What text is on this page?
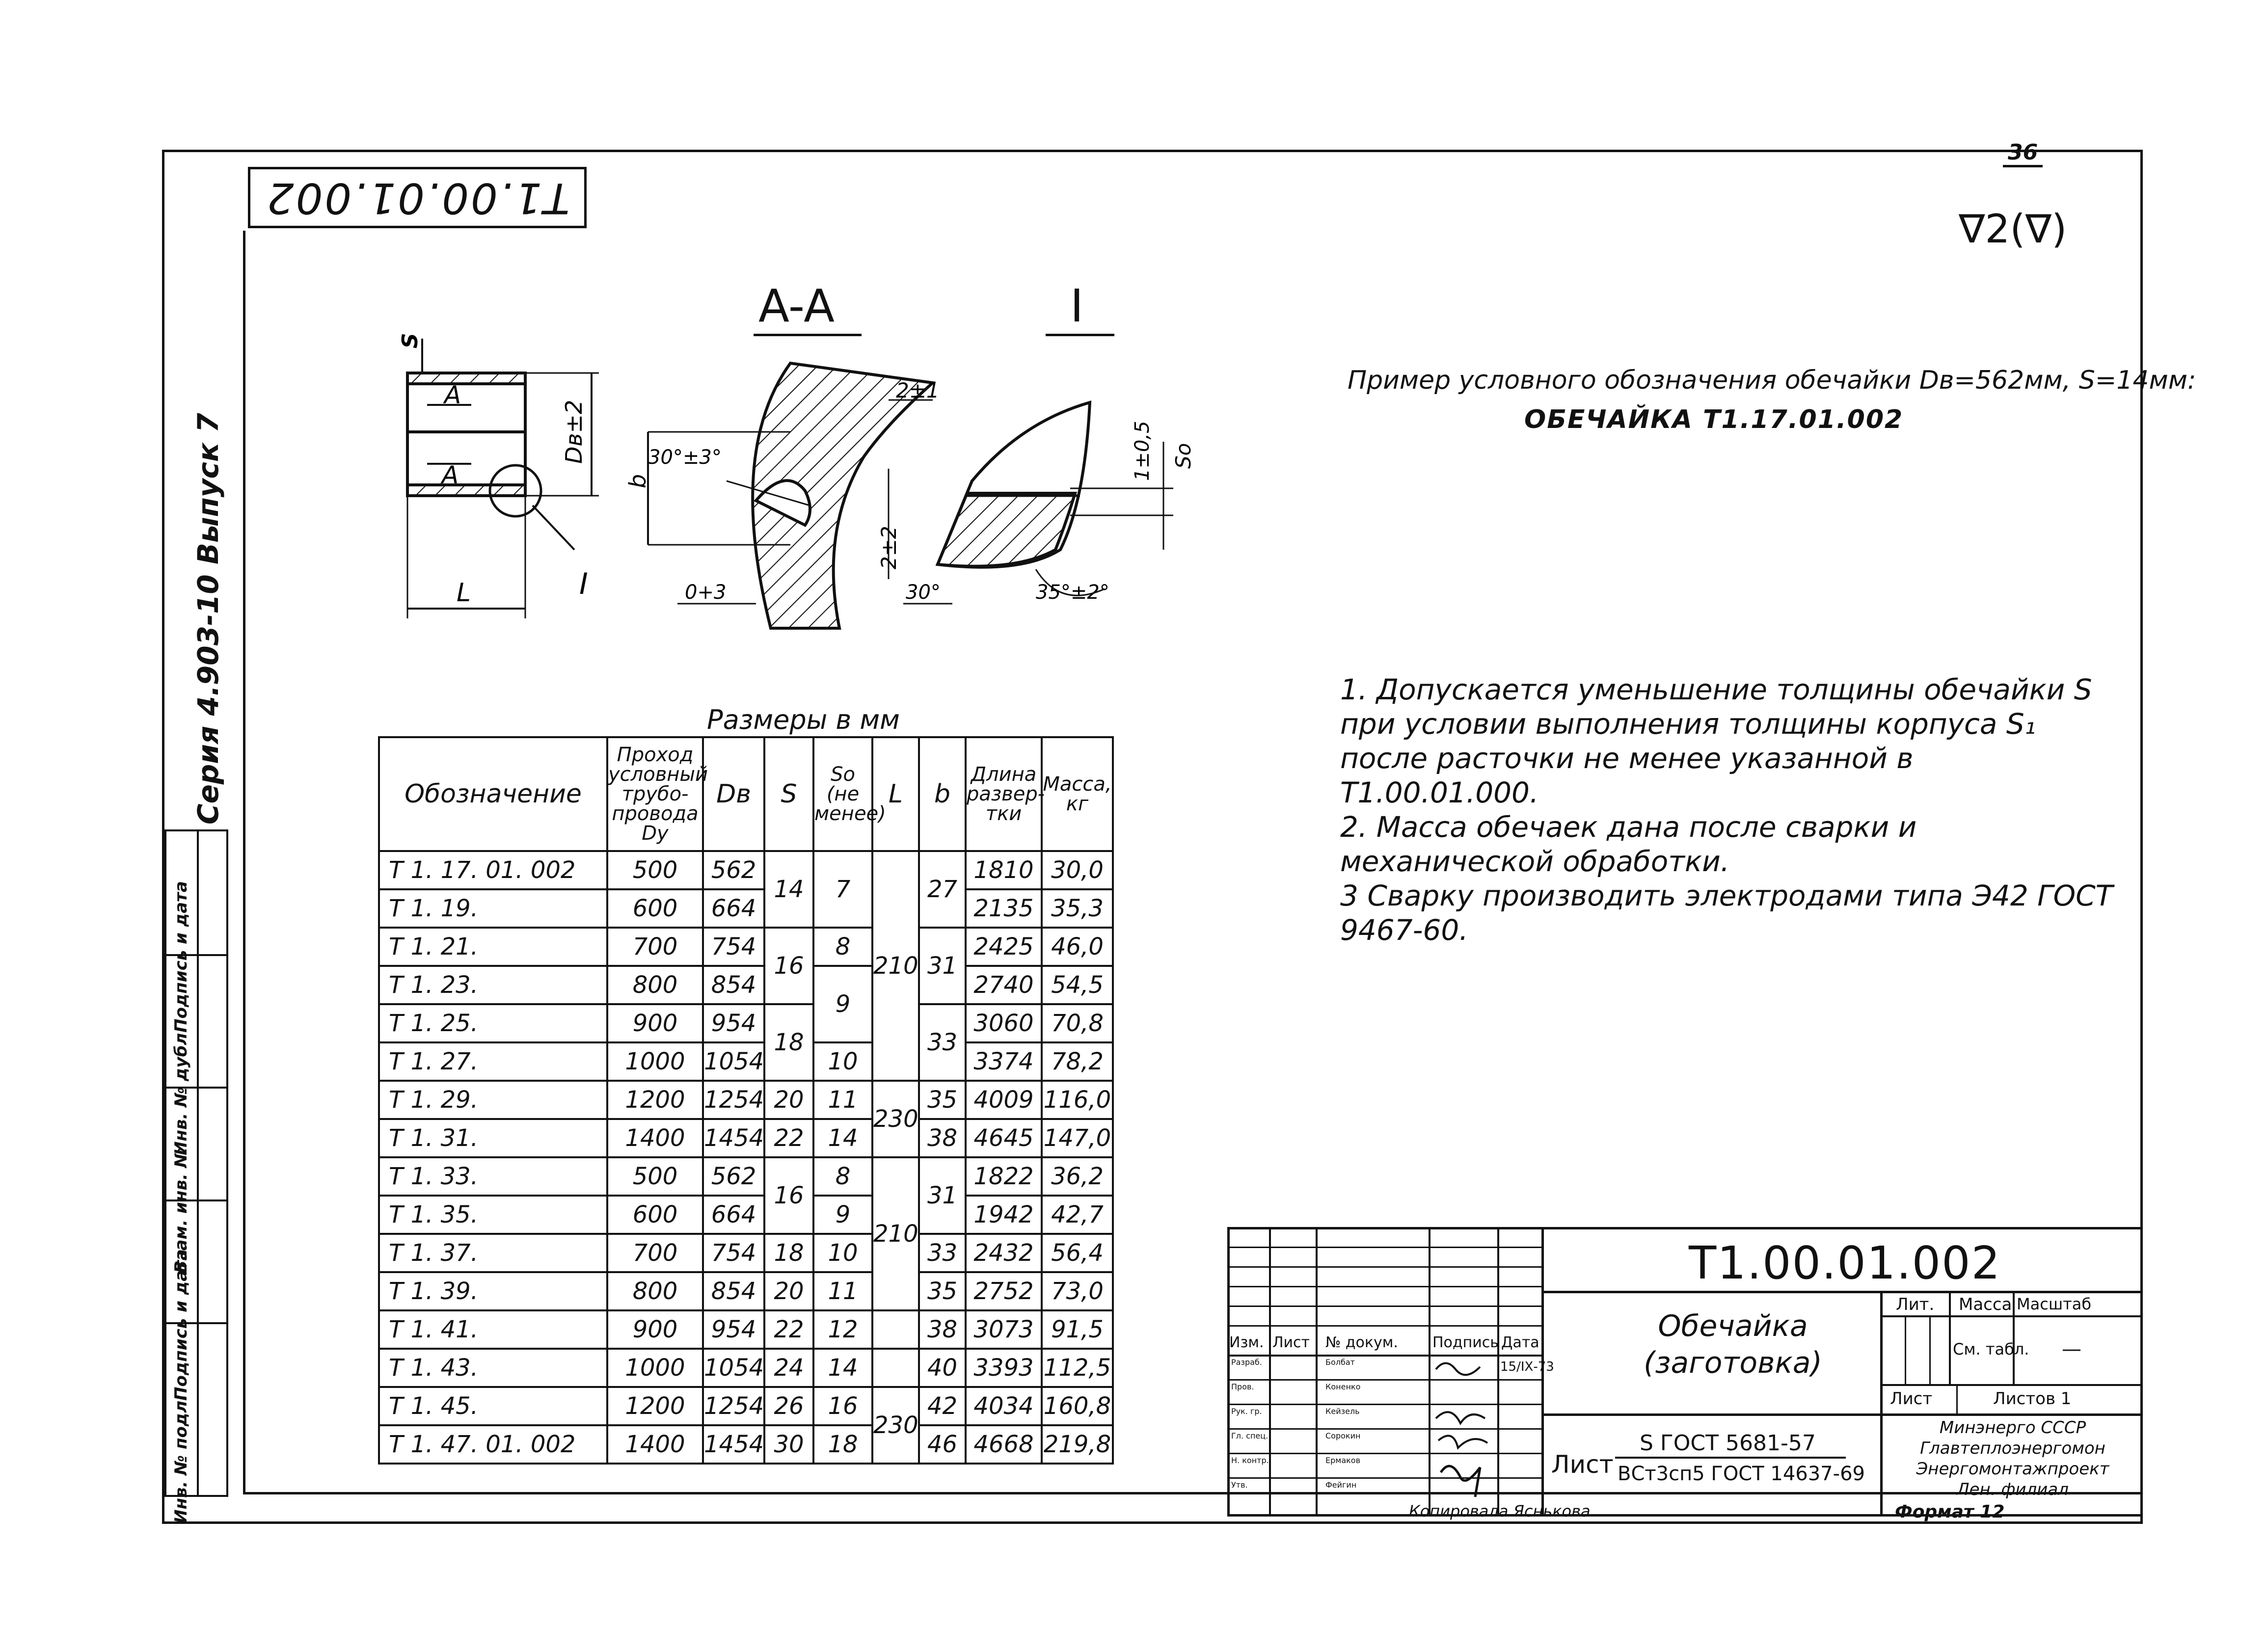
T1.00.01.002
36
∇2(∇)
Серия 4.903-10 Выпуск 7
Инв. № подл.
Подпись и дата
Взам. инв. №
Инв. № дубл.
Подпись и дата
A-A	I
S
A
A
Dв±2
L	I
b
30°±3°
2±1
2±2
0+3
1±0,5 So
30°	35°±2°
Пример условного обозначения обечайки Dв=562мм, S=14мм:
ОБЕЧАЙКА Т1.17.01.002

1. Допускается уменьшение толщины обечайки S при условии выполнения толщины корпуса S₁ после расточки не менее указанной в Т1.00.01.000.

2. Масса обечаек дана после сварки и механической обработки.

3 Сварку производить электродами типа Э42 ГОСТ 9467-60.

Размеры в мм
Обозначение	Проход условный трубо-провода Dy	Dв	S	So (не менее)	L	b	Длина развер-тки	Масса, кг
Т 1. 17. 01. 002	500	562	14	7	210	27	1810	30,0
Т 1. 19.	600	664					2135	35,3
Т 1. 21.	700	754	16	8		31	2425	46,0
Т 1. 23.	800	854		9			2740	54,5
Т 1. 25.	900	954	18			33	3060	70,8
Т 1. 27.	1000	1054		10			3374	78,2
Т 1. 29.	1200	1254	20	11	230	35	4009	116,0
Т 1. 31.	1400	1454	22	14		38	4645	147,0
Т 1. 33.	500	562	16	8	210	31	1822	36,2
Т 1. 35.	600	664		9			1942	42,7
Т 1. 37.	700	754	18	10		33	2432	56,4
Т 1. 39.	800	854	20	11		35	2752	73,0
Т 1. 41.	900	954	22	12		38	3073	91,5
Т 1. 43.	1000	1054	24	14		40	3393	112,5
Т 1. 45.	1200	1254	26	16	230	42	4034	160,8
Т 1. 47. 01. 002	1400	1454	30	18		46	4668	219,8
Т1.00.01.002
Обечайка
(заготовка)
Изм. Лист № докум. Подпись Дата
Разраб.
Пров.
Рук. гр.
Гл. спец.
Н. контр.
Утв.
Болбат
Коненко
Кейзель
Сорокин
Ермаков
Фейгин
15/ІХ-73
Лит. Масса Масштаб
См. табл. —
Лист	Листов 1
Лист
S ГОСТ 5681-57
ВСт3сп5 ГОСТ 14637-69
Минэнерго СССР
Главтеплоэнергомон
Энергомонтажпроект
Лен. филиал
Копировала Яснькова	Формат 12
